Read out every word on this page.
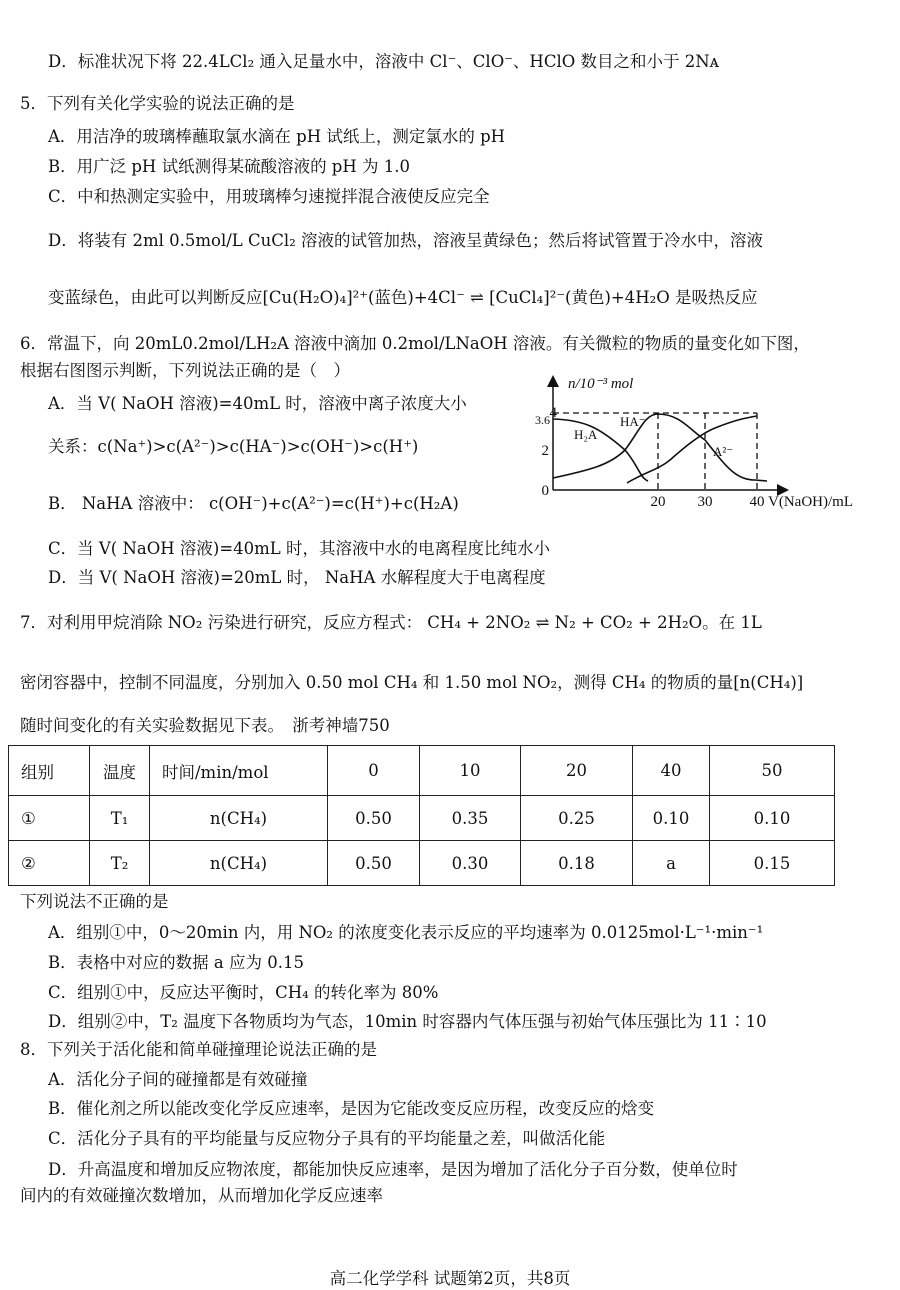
D．标准状况下将 22.4LCl₂ 通入足量水中，溶液中 Cl⁻、ClO⁻、HClO 数目之和小于 2Nᴀ
5．下列有关化学实验的说法正确的是
A．用洁净的玻璃棒蘸取氯水滴在 pH 试纸上，测定氯水的 pH
B．用广泛 pH 试纸测得某硫酸溶液的 pH 为 1.0
C．中和热测定实验中，用玻璃棒匀速搅拌混合液使反应完全
D．将装有 2ml 0.5mol/L CuCl₂ 溶液的试管加热，溶液呈黄绿色；然后将试管置于冷水中，溶液
变蓝绿色，由此可以判断反应[Cu(H₂O)₄]²⁺(蓝色)+4Cl⁻ ⇌ [CuCl₄]²⁻(黄色)+4H₂O 是吸热反应
6．常温下，向 20mL0.2mol/LH₂A 溶液中滴加 0.2mol/LNaOH 溶液。有关微粒的物质的量变化如下图，
根据右图图示判断，下列说法正确的是（　）
A．当 V( NaOH 溶液)=40mL 时，溶液中离子浓度大小
关系：c(Na⁺)>c(A²⁻)>c(HA⁻)>c(OH⁻)>c(H⁺)
B． NaHA 溶液中： c(OH⁻)+c(A²⁻)=c(H⁺)+c(H₂A)
C．当 V( NaOH 溶液)=40mL 时，其溶液中水的电离程度比纯水小
D．当 V( NaOH 溶液)=20mL 时， NaHA 水解程度大于电离程度
n/10⁻³ mol
0
2
3.6 4
20 30 40 V(NaOH)/mL
H₂A
HA⁻
A²⁻
7．对利用甲烷消除 NO₂ 污染进行研究，反应方程式： CH₄ + 2NO₂ ⇌ N₂ + CO₂ + 2H₂O。在 1L
密闭容器中，控制不同温度，分别加入 0.50 mol CH₄ 和 1.50 mol NO₂，测得 CH₄ 的物质的量[n(CH₄)]
随时间变化的有关实验数据见下表。　浙考神墙750
组别	温度	时间/min/mol	0	10	20	40	50
①	T₁	n(CH₄)	0.50	0.35	0.25	0.10	0.10
②	T₂	n(CH₄)	0.50	0.30	0.18	a	0.15
下列说法不正确的是
A．组别①中，0～20min 内，用 NO₂ 的浓度变化表示反应的平均速率为 0.0125mol·L⁻¹·min⁻¹
B．表格中对应的数据 a 应为 0.15
C．组别①中，反应达平衡时，CH₄ 的转化率为 80%
D．组别②中，T₂ 温度下各物质均为气态，10min 时容器内气体压强与初始气体压强比为 11∶10
8．下列关于活化能和简单碰撞理论说法正确的是
A．活化分子间的碰撞都是有效碰撞
B．催化剂之所以能改变化学反应速率，是因为它能改变反应历程，改变反应的焓变
C．活化分子具有的平均能量与反应物分子具有的平均能量之差，叫做活化能
D．升高温度和增加反应物浓度，都能加快反应速率，是因为增加了活化分子百分数，使单位时
间内的有效碰撞次数增加，从而增加化学反应速率
高二化学学科 试题第2页，共8页
